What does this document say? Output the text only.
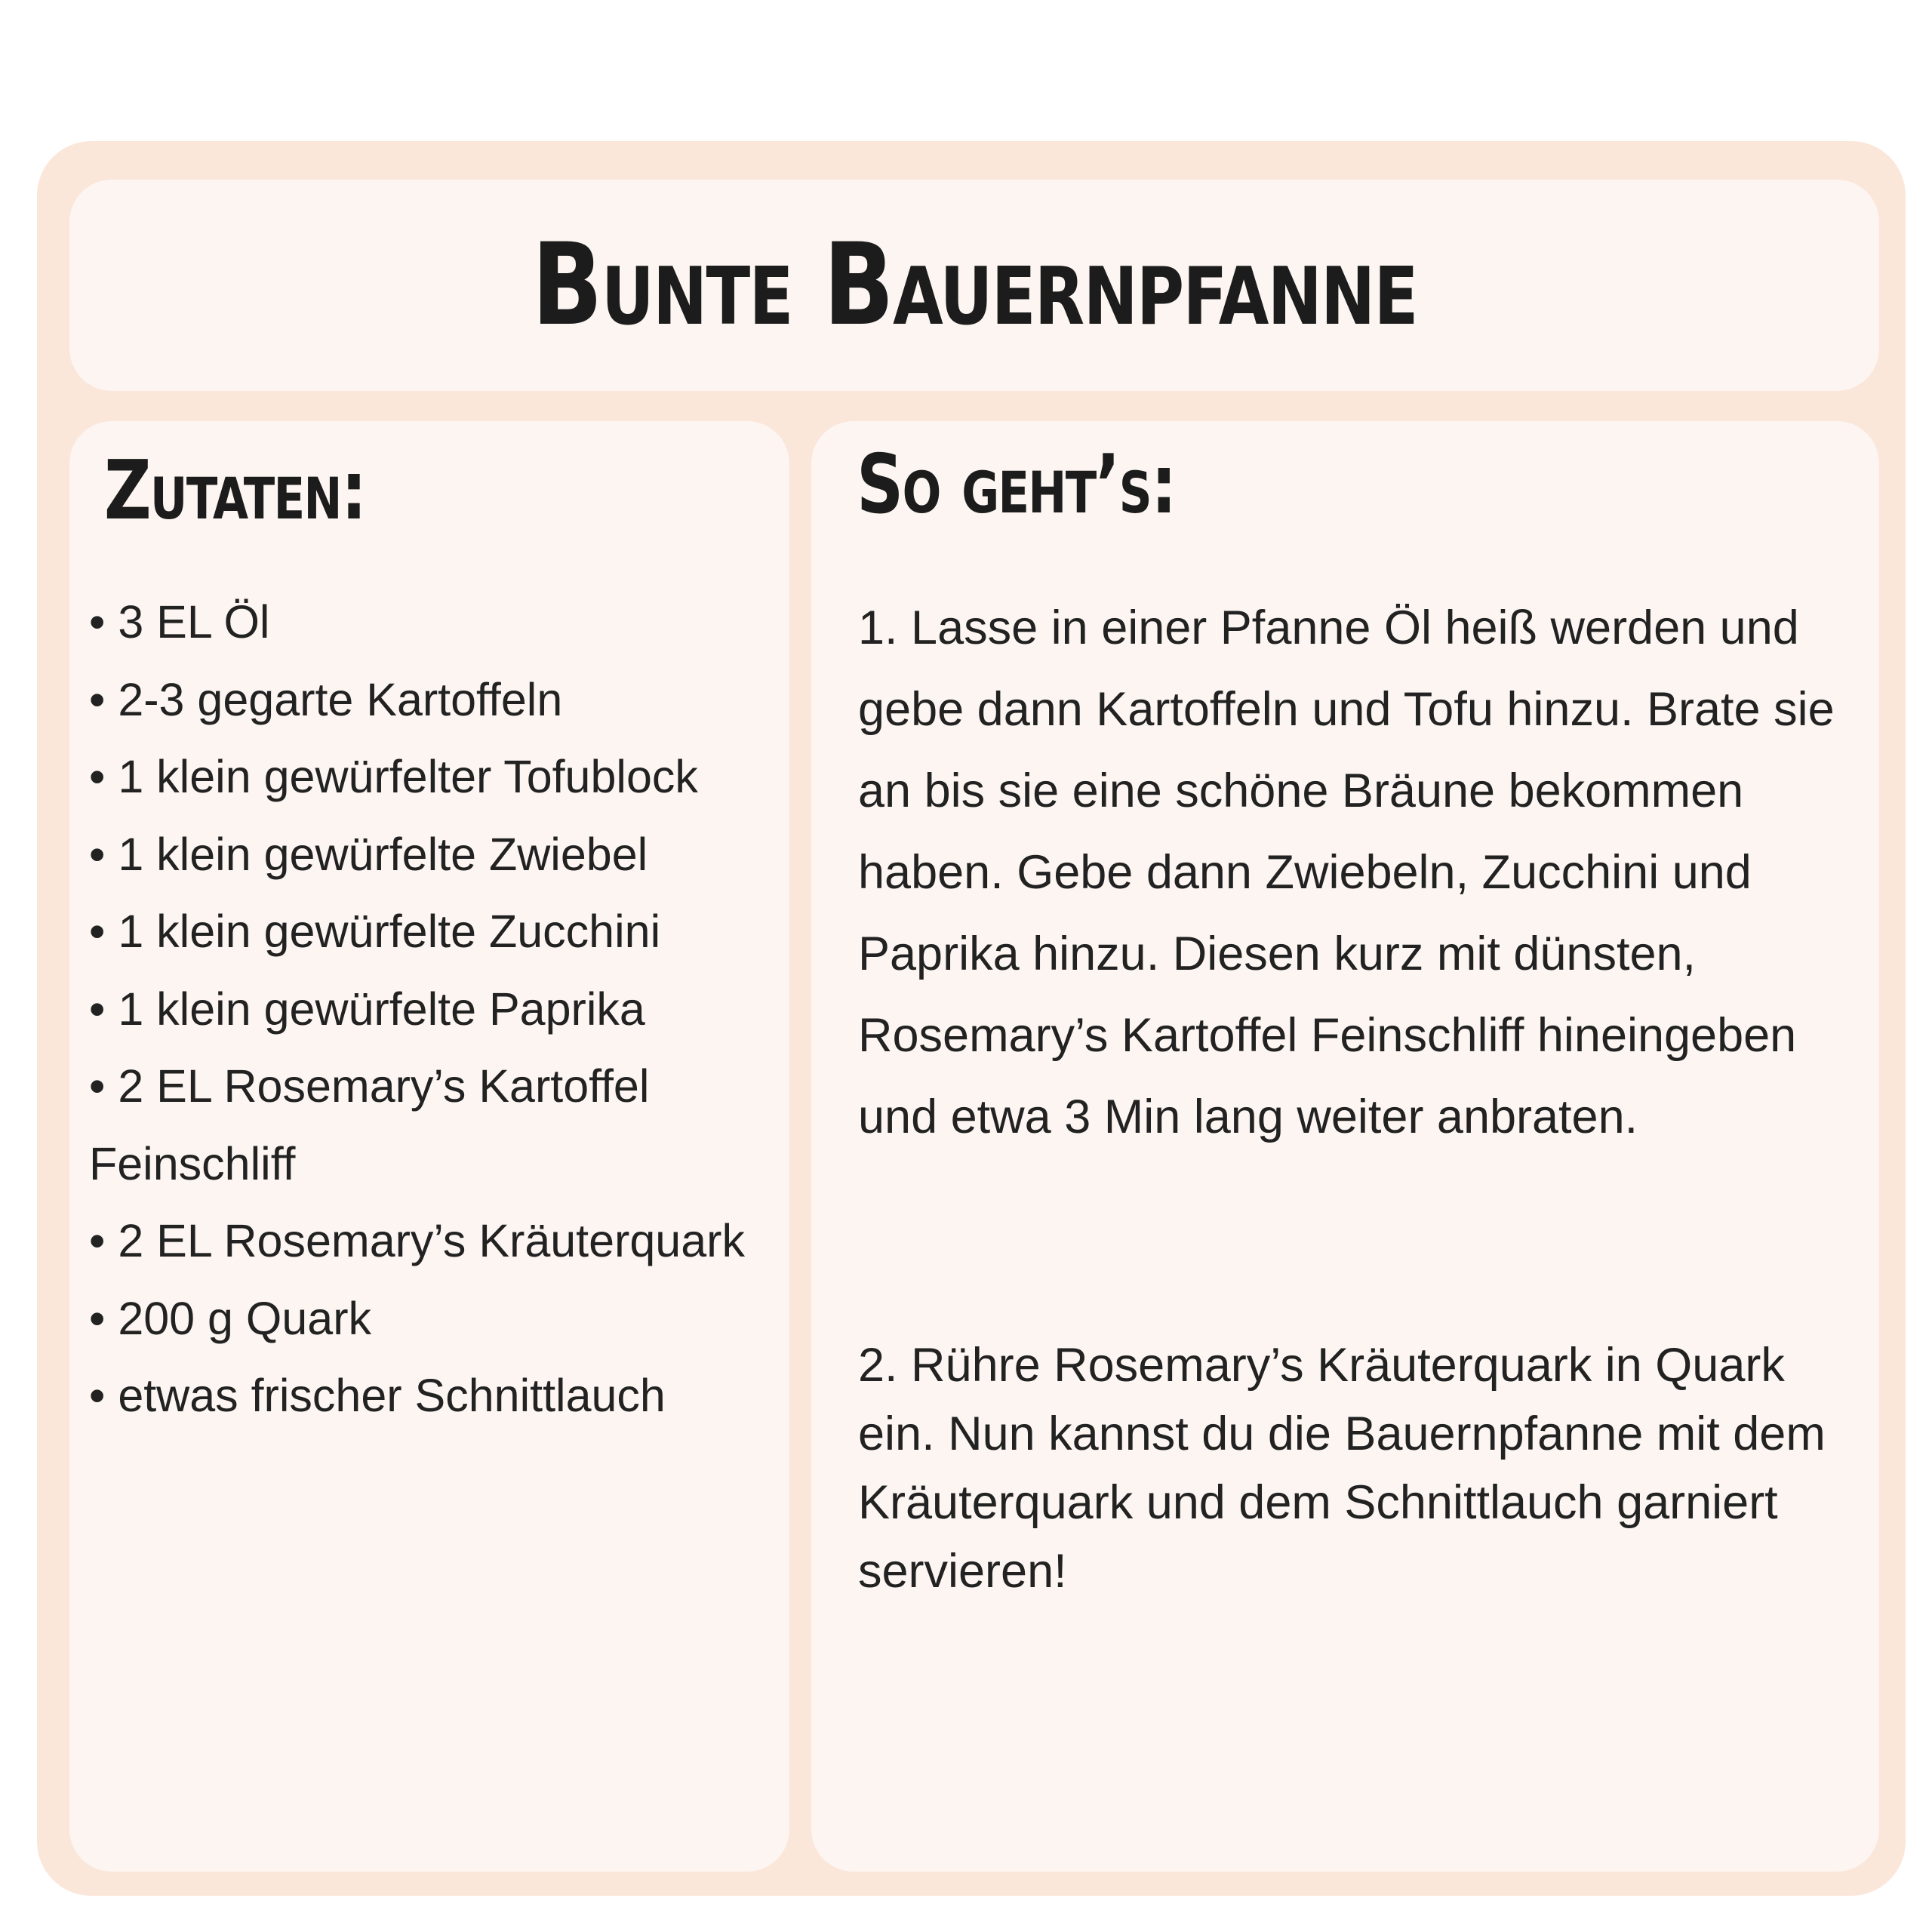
Bunte Bauernpfanne
Zutaten:
• 3 EL Öl
• 2-3 gegarte Kartoffeln
• 1 klein gewürfelter Tofublock
• 1 klein gewürfelte Zwiebel
• 1 klein gewürfelte Zucchini
• 1 klein gewürfelte Paprika
• 2 EL Rosemary’s Kartoffel Feinschliff
• 2 EL Rosemary’s Kräuterquark
• 200 g Quark
• etwas frischer Schnittlauch
So geht’s:

1. Lasse in einer Pfanne Öl heiß werden und gebe dann Kartoffeln und Tofu hinzu. Brate sie an bis sie eine schöne Bräune bekommen haben. Gebe dann Zwiebeln, Zucchini und Paprika hinzu. Diesen kurz mit dünsten, Rosemary’s Kartoffel Feinschliff hineingeben und etwa 3 Min lang weiter anbraten.

2. Rühre Rosemary’s Kräuterquark in Quark ein. Nun kannst du die Bauernpfanne mit dem Kräuterquark und dem Schnittlauch garniert servieren!
